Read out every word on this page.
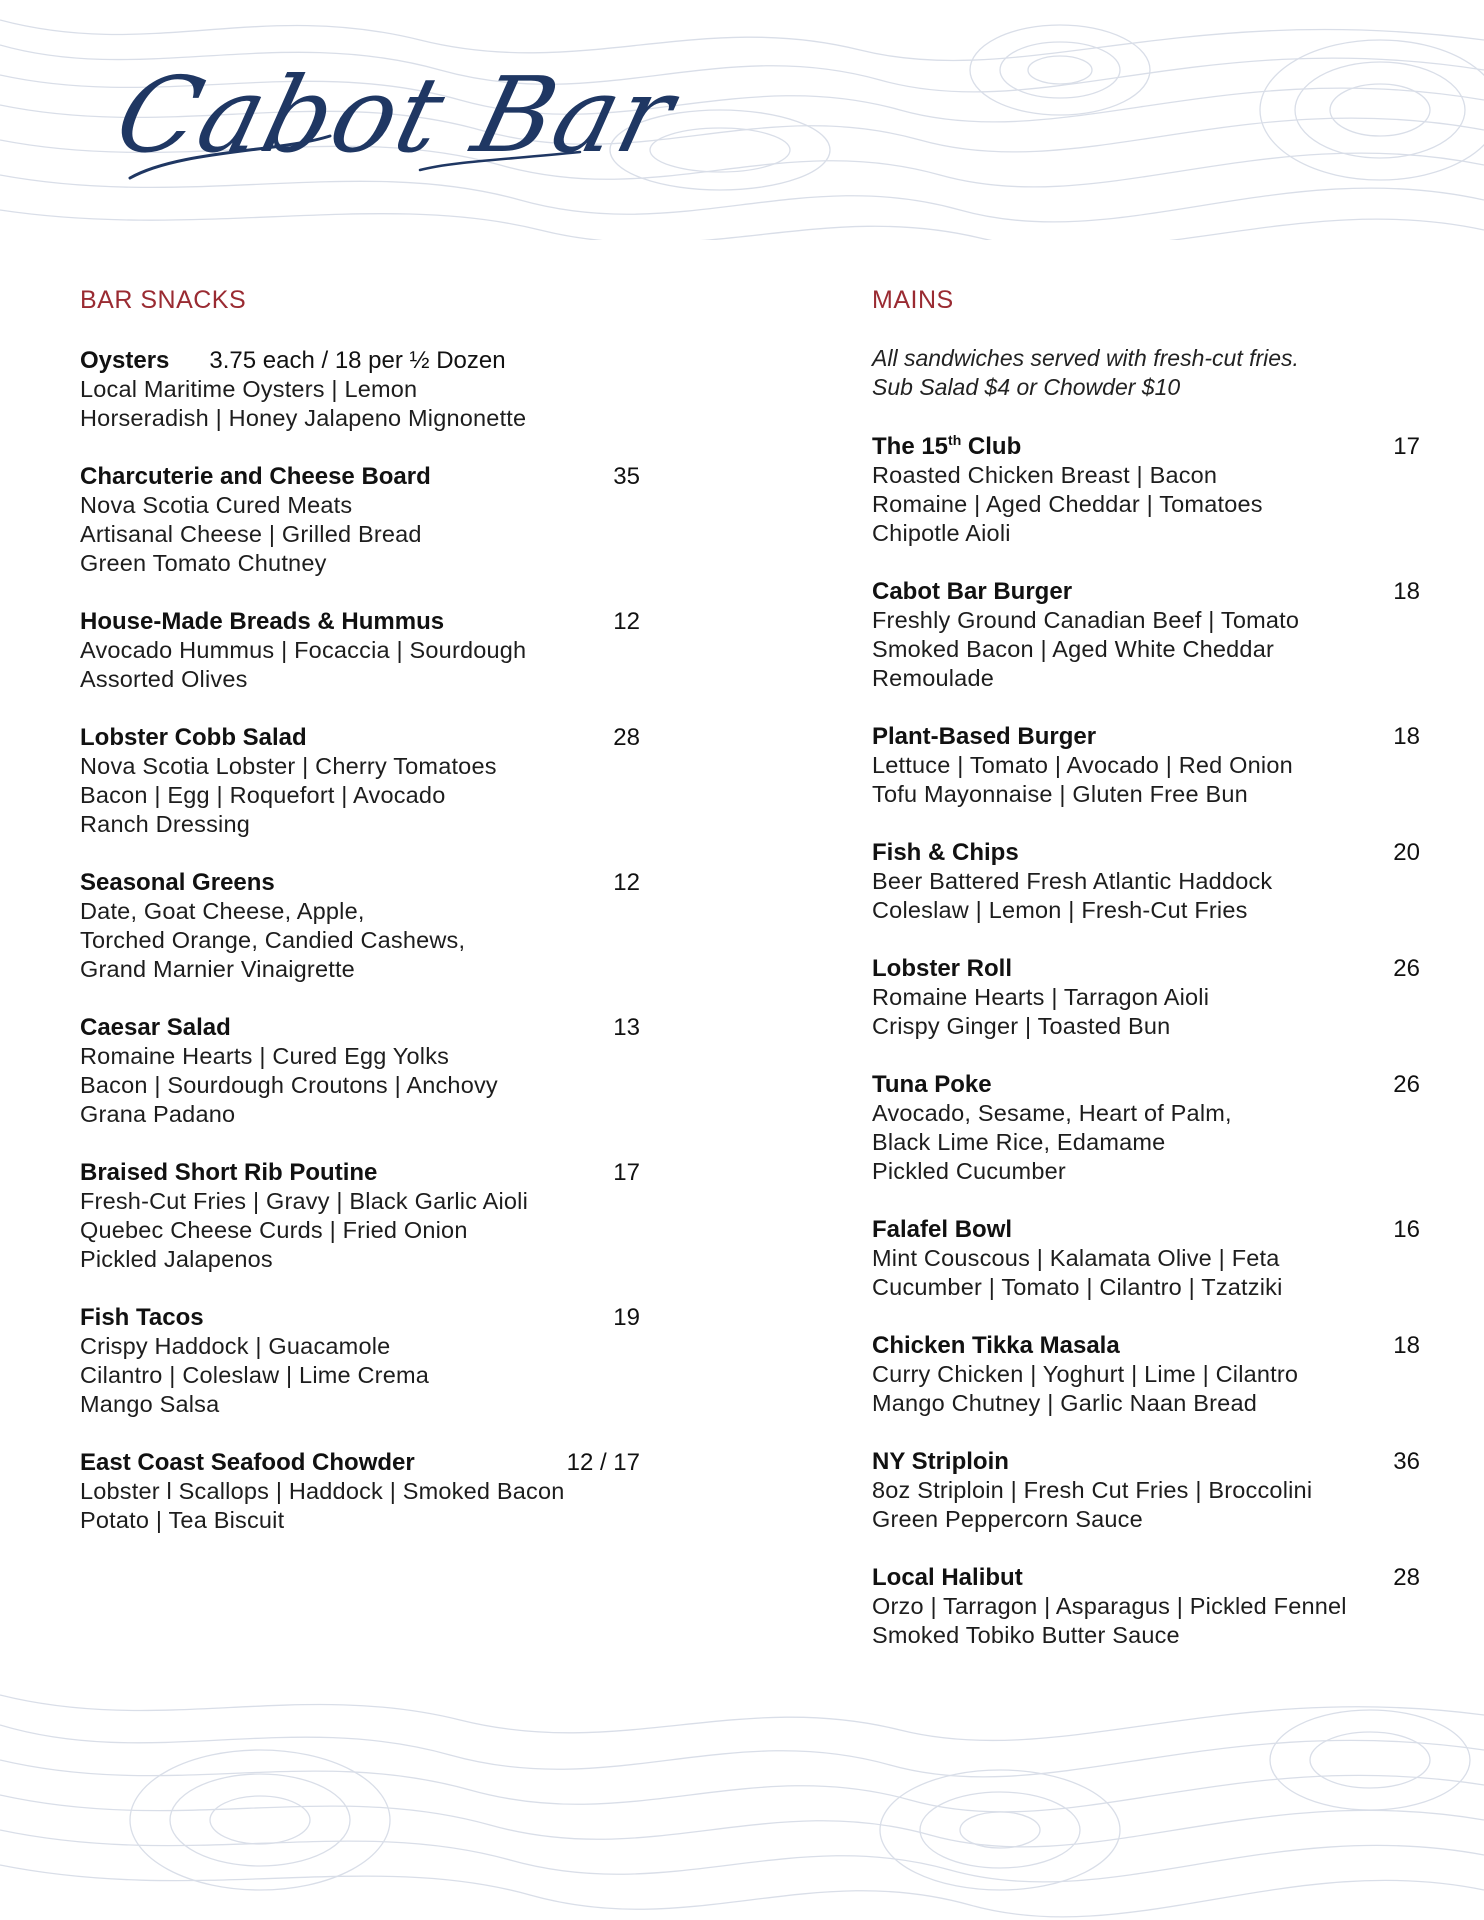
Cabot Bar
BAR SNACKS
Oysters 3.75 each / 18 per ½ Dozen
Local Maritime Oysters | Lemon
Horseradish | Honey Jalapeno Mignonette
Charcuterie and Cheese Board	35
Nova Scotia Cured Meats
Artisanal Cheese | Grilled Bread
Green Tomato Chutney
House-Made Breads & Hummus	12
Avocado Hummus | Focaccia | Sourdough
Assorted Olives
Lobster Cobb Salad	28
Nova Scotia Lobster | Cherry Tomatoes
Bacon | Egg | Roquefort | Avocado
Ranch Dressing
Seasonal Greens	12
Date, Goat Cheese, Apple,
Torched Orange, Candied Cashews,
Grand Marnier Vinaigrette
Caesar Salad	13
Romaine Hearts | Cured Egg Yolks
Bacon | Sourdough Croutons | Anchovy
Grana Padano
Braised Short Rib Poutine	17
Fresh-Cut Fries | Gravy | Black Garlic Aioli
Quebec Cheese Curds | Fried Onion
Pickled Jalapenos
Fish Tacos	19
Crispy Haddock | Guacamole
Cilantro | Coleslaw | Lime Crema
Mango Salsa
East Coast Seafood Chowder	12 / 17
Lobster l Scallops | Haddock | Smoked Bacon
Potato | Tea Biscuit
MAINS
All sandwiches served with fresh-cut fries.
Sub Salad $4 or Chowder $10
The 15th Club	17
Roasted Chicken Breast | Bacon
Romaine | Aged Cheddar | Tomatoes
Chipotle Aioli
Cabot Bar Burger	18
Freshly Ground Canadian Beef | Tomato
Smoked Bacon | Aged White Cheddar
Remoulade
Plant-Based Burger	18
Lettuce | Tomato | Avocado | Red Onion
Tofu Mayonnaise | Gluten Free Bun
Fish & Chips	20
Beer Battered Fresh Atlantic Haddock
Coleslaw | Lemon | Fresh-Cut Fries
Lobster Roll	26
Romaine Hearts | Tarragon Aioli
Crispy Ginger | Toasted Bun
Tuna Poke	26
Avocado, Sesame, Heart of Palm,
Black Lime Rice, Edamame
Pickled Cucumber
Falafel Bowl	16
Mint Couscous | Kalamata Olive | Feta
Cucumber | Tomato | Cilantro | Tzatziki
Chicken Tikka Masala	18
Curry Chicken | Yoghurt | Lime | Cilantro
Mango Chutney | Garlic Naan Bread
NY Striploin	36
8oz Striploin | Fresh Cut Fries | Broccolini
Green Peppercorn Sauce
Local Halibut	28
Orzo | Tarragon | Asparagus | Pickled Fennel
Smoked Tobiko Butter Sauce
